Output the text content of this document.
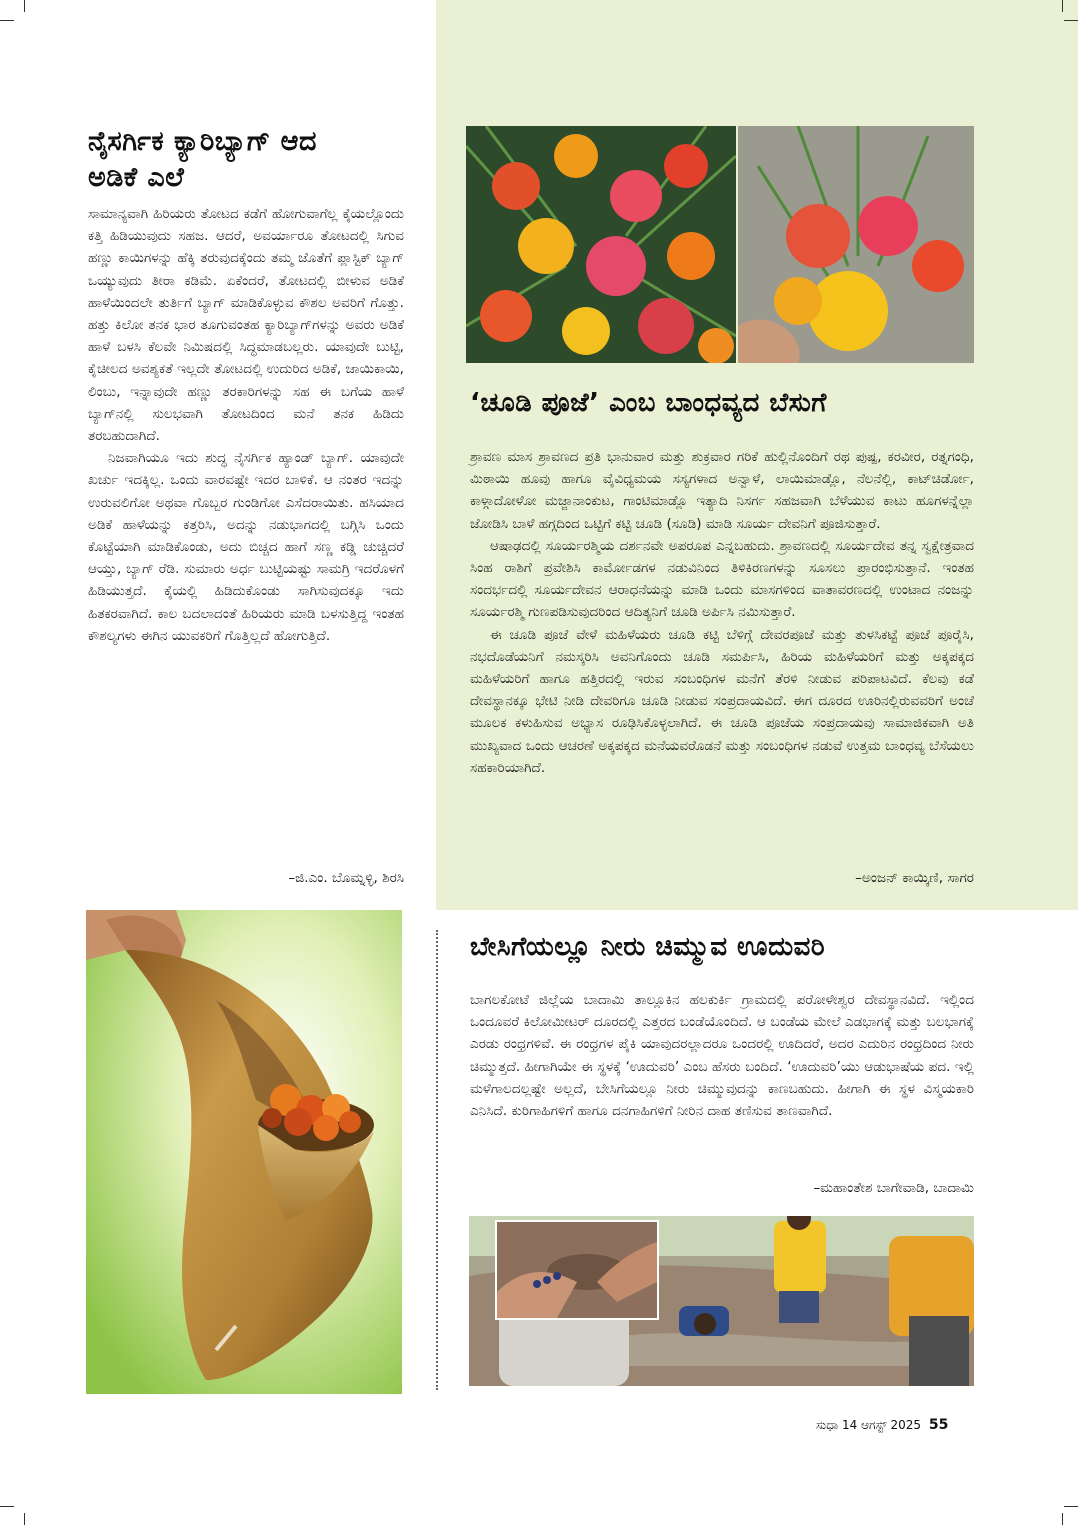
ನೈಸರ್ಗಿಕ ಕ್ಯಾರಿಬ್ಯಾಗ್ ಆದ
ಅಡಿಕೆ ಎಲೆ

ಸಾಮಾನ್ಯವಾಗಿ ಹಿರಿಯರು ತೋಟದ ಕಡೆಗೆ ಹೋಗುವಾಗೆಲ್ಲ ಕೈಯಲ್ಲೊಂದು ಕತ್ತಿ ಹಿಡಿಯುವುದು ಸಹಜ. ಆದರೆ, ಅವರ್ಯಾರೂ ತೋಟದಲ್ಲಿ ಸಿಗುವ ಹಣ್ಣು ಕಾಯಿಗಳನ್ನು ಹೆಕ್ಕಿ ತರುವುದಕ್ಕೆಂದು ತಮ್ಮ ಜೊತೆಗೆ ಪ್ಲಾಸ್ಟಿಕ್ ಬ್ಯಾಗ್ ಒಯ್ಯುವುದು ತೀರಾ ಕಡಿಮೆ. ಏಕೆಂದರೆ, ತೋಟದಲ್ಲಿ ಬೀಳುವ ಅಡಿಕೆ ಹಾಳೆಯಿಂದಲೇ ತುರ್ತಿಗೆ ಬ್ಯಾಗ್ ಮಾಡಿಕೊಳ್ಳುವ ಕೌಶಲ ಅವರಿಗೆ ಗೊತ್ತು. ಹತ್ತು ಕಿಲೋ ತನಕ ಭಾರ ತೂಗುವಂತಹ ಕ್ಯಾರಿಬ್ಯಾಗ್‌ಗಳನ್ನು ಅವರು ಅಡಿಕೆ ಹಾಳೆ ಬಳಸಿ ಕೆಲವೇ ನಿಮಿಷದಲ್ಲಿ ಸಿದ್ಧಮಾಡಬಲ್ಲರು. ಯಾವುದೇ ಬುಟ್ಟಿ, ಕೈಚೀಲದ ಅವಶ್ಯಕತೆ ಇಲ್ಲದೇ ತೋಟದಲ್ಲಿ ಉದುರಿದ ಅಡಿಕೆ, ಜಾಯಿಕಾಯಿ, ಲಿಂಬು, ಇನ್ನಾವುದೇ ಹಣ್ಣು ತರಕಾರಿಗಳನ್ನು ಸಹ ಈ ಬಗೆಯ ಹಾಳೆ ಬ್ಯಾಗ್‌ನಲ್ಲಿ ಸುಲಭವಾಗಿ ತೋಟದಿಂದ ಮನೆ ತನಕ ಹಿಡಿದು ತರಬಹುದಾಗಿದೆ.

ನಿಜವಾಗಿಯೂ ಇದು ಶುದ್ಧ ನೈಸರ್ಗಿಕ ಹ್ಯಾಂಡ್ ಬ್ಯಾಗ್. ಯಾವುದೇ ಖರ್ಚು ಇದಕ್ಕಿಲ್ಲ. ಒಂದು ವಾರವಷ್ಟೇ ಇದರ ಬಾಳಿಕೆ. ಆ ನಂತರ ಇದನ್ನು ಉರುವಲಿಗೋ ಅಥವಾ ಗೊಬ್ಬರ ಗುಂಡಿಗೋ ಎಸೆದರಾಯಿತು. ಹಸಿಯಾದ ಅಡಿಕೆ ಹಾಳೆಯನ್ನು ಕತ್ತರಿಸಿ, ಅದನ್ನು ನಡುಭಾಗದಲ್ಲಿ ಬಗ್ಗಿಸಿ ಒಂದು ಕೊಟ್ಟೆಯಾಗಿ ಮಾಡಿಕೊಂಡು, ಅದು ಬಿಚ್ಚದ ಹಾಗೆ ಸಣ್ಣ ಕಡ್ಡಿ ಚುಚ್ಚಿದರೆ ಆಯ್ತು, ಬ್ಯಾಗ್ ರೆಡಿ. ಸುಮಾರು ಅರ್ಧ ಬುಟ್ಟಿಯಷ್ಟು ಸಾಮಗ್ರಿ ಇದರೊಳಗೆ ಹಿಡಿಯುತ್ತದೆ. ಕೈಯಲ್ಲಿ ಹಿಡಿದುಕೊಂಡು ಸಾಗಿಸುವುದಕ್ಕೂ ಇದು ಹಿತಕರವಾಗಿದೆ. ಕಾಲ ಬದಲಾದಂತೆ ಹಿರಿಯರು ಮಾಡಿ ಬಳಸುತ್ತಿದ್ದ ಇಂತಹ ಕೌಶಲ್ಯಗಳು ಈಗಿನ ಯುವಕರಿಗೆ ಗೊತ್ತಿಲ್ಲದೆ ಹೋಗುತ್ತಿದೆ.

–ಜಿ.ಎಂ. ಬೊಮ್ನಳ್ಳಿ, ಶಿರಸಿ
‘ಚೂಡಿ ಪೂಜೆ’ ಎಂಬ ಬಾಂಧವ್ಯದ ಬೆಸುಗೆ

ಶ್ರಾವಣ ಮಾಸ ಶ್ರಾವಣದ ಪ್ರತಿ ಭಾನುವಾರ ಮತ್ತು ಶುಕ್ರವಾರ ಗರಿಕೆ ಹುಲ್ಲಿನೊಂದಿಗೆ ರಥ ಪುಷ್ಪ, ಕರವೀರ, ರತ್ನಗಂಧಿ, ಮಿಠಾಯಿ ಹೂವು ಹಾಗೂ ವೈವಿಧ್ಯಮಯ ಸಸ್ಯಗಳಾದ ಅನ್ವಾಳೆ, ಲಾಯಿಮಾಡ್ಲೊ, ನೆಲನೆಲ್ಲಿ, ಕಾಟ್‌ಚಿರ್ಡೋ, ಕಾಳ್ಗಾದೋಳೋ ಮಜ್ಜಾನಾಂಕುಟ, ಗಾಂಟಿಮಾಡ್ಲೊ ಇತ್ಯಾದಿ ನಿಸರ್ಗ ಸಹಜವಾಗಿ ಬೆಳೆಯುವ ಕಾಟು ಹೂಗಳನ್ನೆಲ್ಲಾ ಜೋಡಿಸಿ ಬಾಳೆ ಹಗ್ಗದಿಂದ ಒಟ್ಟಿಗೆ ಕಟ್ಟಿ ಚೂಡಿ (ಸೂಡಿ) ಮಾಡಿ ಸೂರ್ಯ ದೇವನಿಗೆ ಪೂಜಿಸುತ್ತಾರೆ.

ಆಷಾಢದಲ್ಲಿ ಸೂರ್ಯರಶ್ಮಿಯ ದರ್ಶನವೇ ಅಪರೂಪ ಎನ್ನಬಹುದು. ಶ್ರಾವಣದಲ್ಲಿ ಸೂರ್ಯದೇವ ತನ್ನ ಸ್ವಕ್ಷೇತ್ರವಾದ ಸಿಂಹ ರಾಶಿಗೆ ಪ್ರವೇಶಿಸಿ ಕಾರ್ಮೋಡಗಳ ನಡುವಿನಿಂದ ತಿಳಿಕಿರಣಗಳನ್ನು ಸೂಸಲು ಪ್ರಾರಂಭಿಸುತ್ತಾನೆ. ಇಂತಹ ಸಂದರ್ಭದಲ್ಲಿ ಸೂರ್ಯದೇವನ ಆರಾಧನೆಯನ್ನು ಮಾಡಿ ಒಂದು ಮಾಸಗಳಿಂದ ವಾತಾವರಣದಲ್ಲಿ ಉಂಟಾದ ನಂಜನ್ನು ಸೂರ್ಯರಶ್ಮಿ ಗುಣಪಡಿಸುವುದರಿಂದ ಆದಿತ್ಯನಿಗೆ ಚೂಡಿ ಅರ್ಪಿಸಿ ನಮಿಸುತ್ತಾರೆ.

ಈ ಚೂಡಿ ಪೂಜೆ ವೇಳೆ ಮಹಿಳೆಯರು ಚೂಡಿ ಕಟ್ಟಿ ಬೆಳಿಗ್ಗೆ ದೇವರಪೂಜೆ ಮತ್ತು ತುಳಸಿಕಟ್ಟೆ ಪೂಜೆ ಪೂರೈಸಿ, ನಭದೊಡೆಯನಿಗೆ ನಮಸ್ಕರಿಸಿ ಅವನಿಗೊಂದು ಚೂಡಿ ಸಮರ್ಪಿಸಿ, ಹಿರಿಯ ಮಹಿಳೆಯರಿಗೆ ಮತ್ತು ಅಕ್ಕಪಕ್ಕದ ಮಹಿಳೆಯರಿಗೆ ಹಾಗೂ ಹತ್ತಿರದಲ್ಲಿ ಇರುವ ಸಂಬಂಧಿಗಳ ಮನೆಗೆ ತೆರಳಿ ನೀಡುವ ಪರಿಪಾಟವಿದೆ. ಕೆಲವು ಕಡೆ ದೇವಸ್ಥಾನಕ್ಕೂ ಭೇಟಿ ನೀಡಿ ದೇವರಿಗೂ ಚೂಡಿ ನೀಡುವ ಸಂಪ್ರದಾಯವಿದೆ. ಈಗ ದೂರದ ಊರಿನಲ್ಲಿರುವವರಿಗೆ ಅಂಚೆ ಮೂಲಕ ಕಳುಹಿಸುವ ಅಭ್ಯಾಸ ರೂಢಿಸಿಕೊಳ್ಳಲಾಗಿದೆ. ಈ ಚೂಡಿ ಪೂಜೆಯ ಸಂಪ್ರದಾಯವು ಸಾಮಾಜಿಕವಾಗಿ ಅತಿ ಮುಖ್ಯವಾದ ಒಂದು ಆಚರಣೆ ಅಕ್ಕಪಕ್ಕದ ಮನೆಯವರೊಡನೆ ಮತ್ತು ಸಂಬಂಧಿಗಳ ನಡುವೆ ಉತ್ತಮ ಬಾಂಧವ್ಯ ಬೆಸೆಯಲು ಸಹಕಾರಿಯಾಗಿದೆ.

–ಅಂಜನ್ ಕಾಯ್ಕಿಣಿ, ಸಾಗರ
ಬೇಸಿಗೆಯಲ್ಲೂ ನೀರು ಚಿಮ್ಮುವ ಊದುವರಿ

ಬಾಗಲಕೋಟೆ ಜಿಲ್ಲೆಯ ಬಾದಾಮಿ ತಾಲ್ಲೂಕಿನ ಹಲಕುರ್ಕಿ ಗ್ರಾಮದಲ್ಲಿ ಪರೋಳೇಶ್ವರ ದೇವಸ್ಥಾನವಿದೆ. ಇಲ್ಲಿಂದ ಒಂದೂವರೆ ಕಿಲೋಮೀಟರ್ ದೂರದಲ್ಲಿ ಎತ್ತರದ ಬಂಡೆಯೊಂದಿದೆ. ಆ ಬಂಡೆಯ ಮೇಲೆ ಎಡಭಾಗಕ್ಕೆ ಮತ್ತು ಬಲಭಾಗಕ್ಕೆ ಎರಡು ರಂಧ್ರಗಳಿವೆ. ಈ ರಂಧ್ರಗಳ ಪೈಕಿ ಯಾವುದರಲ್ಲಾದರೂ ಒಂದರಲ್ಲಿ ಊದಿದರೆ, ಅದರ ಎದುರಿನ ರಂಧ್ರದಿಂದ ನೀರು ಚಿಮ್ಮುತ್ತದೆ. ಹೀಗಾಗಿಯೇ ಈ ಸ್ಥಳಕ್ಕೆ ‘ಊದುವರಿ’ ಎಂಬ ಹೆಸರು ಬಂದಿದೆ. ‘ಊದುವರಿ’ಯು ಆಡುಭಾಷೆಯ ಪದ. ಇಲ್ಲಿ ಮಳೆಗಾಲದಲ್ಲಷ್ಟೇ ಅಲ್ಲದೆ, ಬೇಸಿಗೆಯಲ್ಲೂ ನೀರು ಚಿಮ್ಮುವುದನ್ನು ಕಾಣಬಹುದು. ಹೀಗಾಗಿ ಈ ಸ್ಥಳ ವಿಸ್ಮಯಕಾರಿ ಎನಿಸಿದೆ. ಕುರಿಗಾಹಿಗಳಿಗೆ ಹಾಗೂ ದನಗಾಹಿಗಳಿಗೆ ನೀರಿನ ದಾಹ ತಣಿಸುವ ತಾಣವಾಗಿದೆ.

–ಮಹಾಂತೇಶ ಬಾಗೇವಾಡಿ, ಬಾದಾಮಿ
ಸುಧಾ 14 ಆಗಸ್ಟ್ 2025 55
